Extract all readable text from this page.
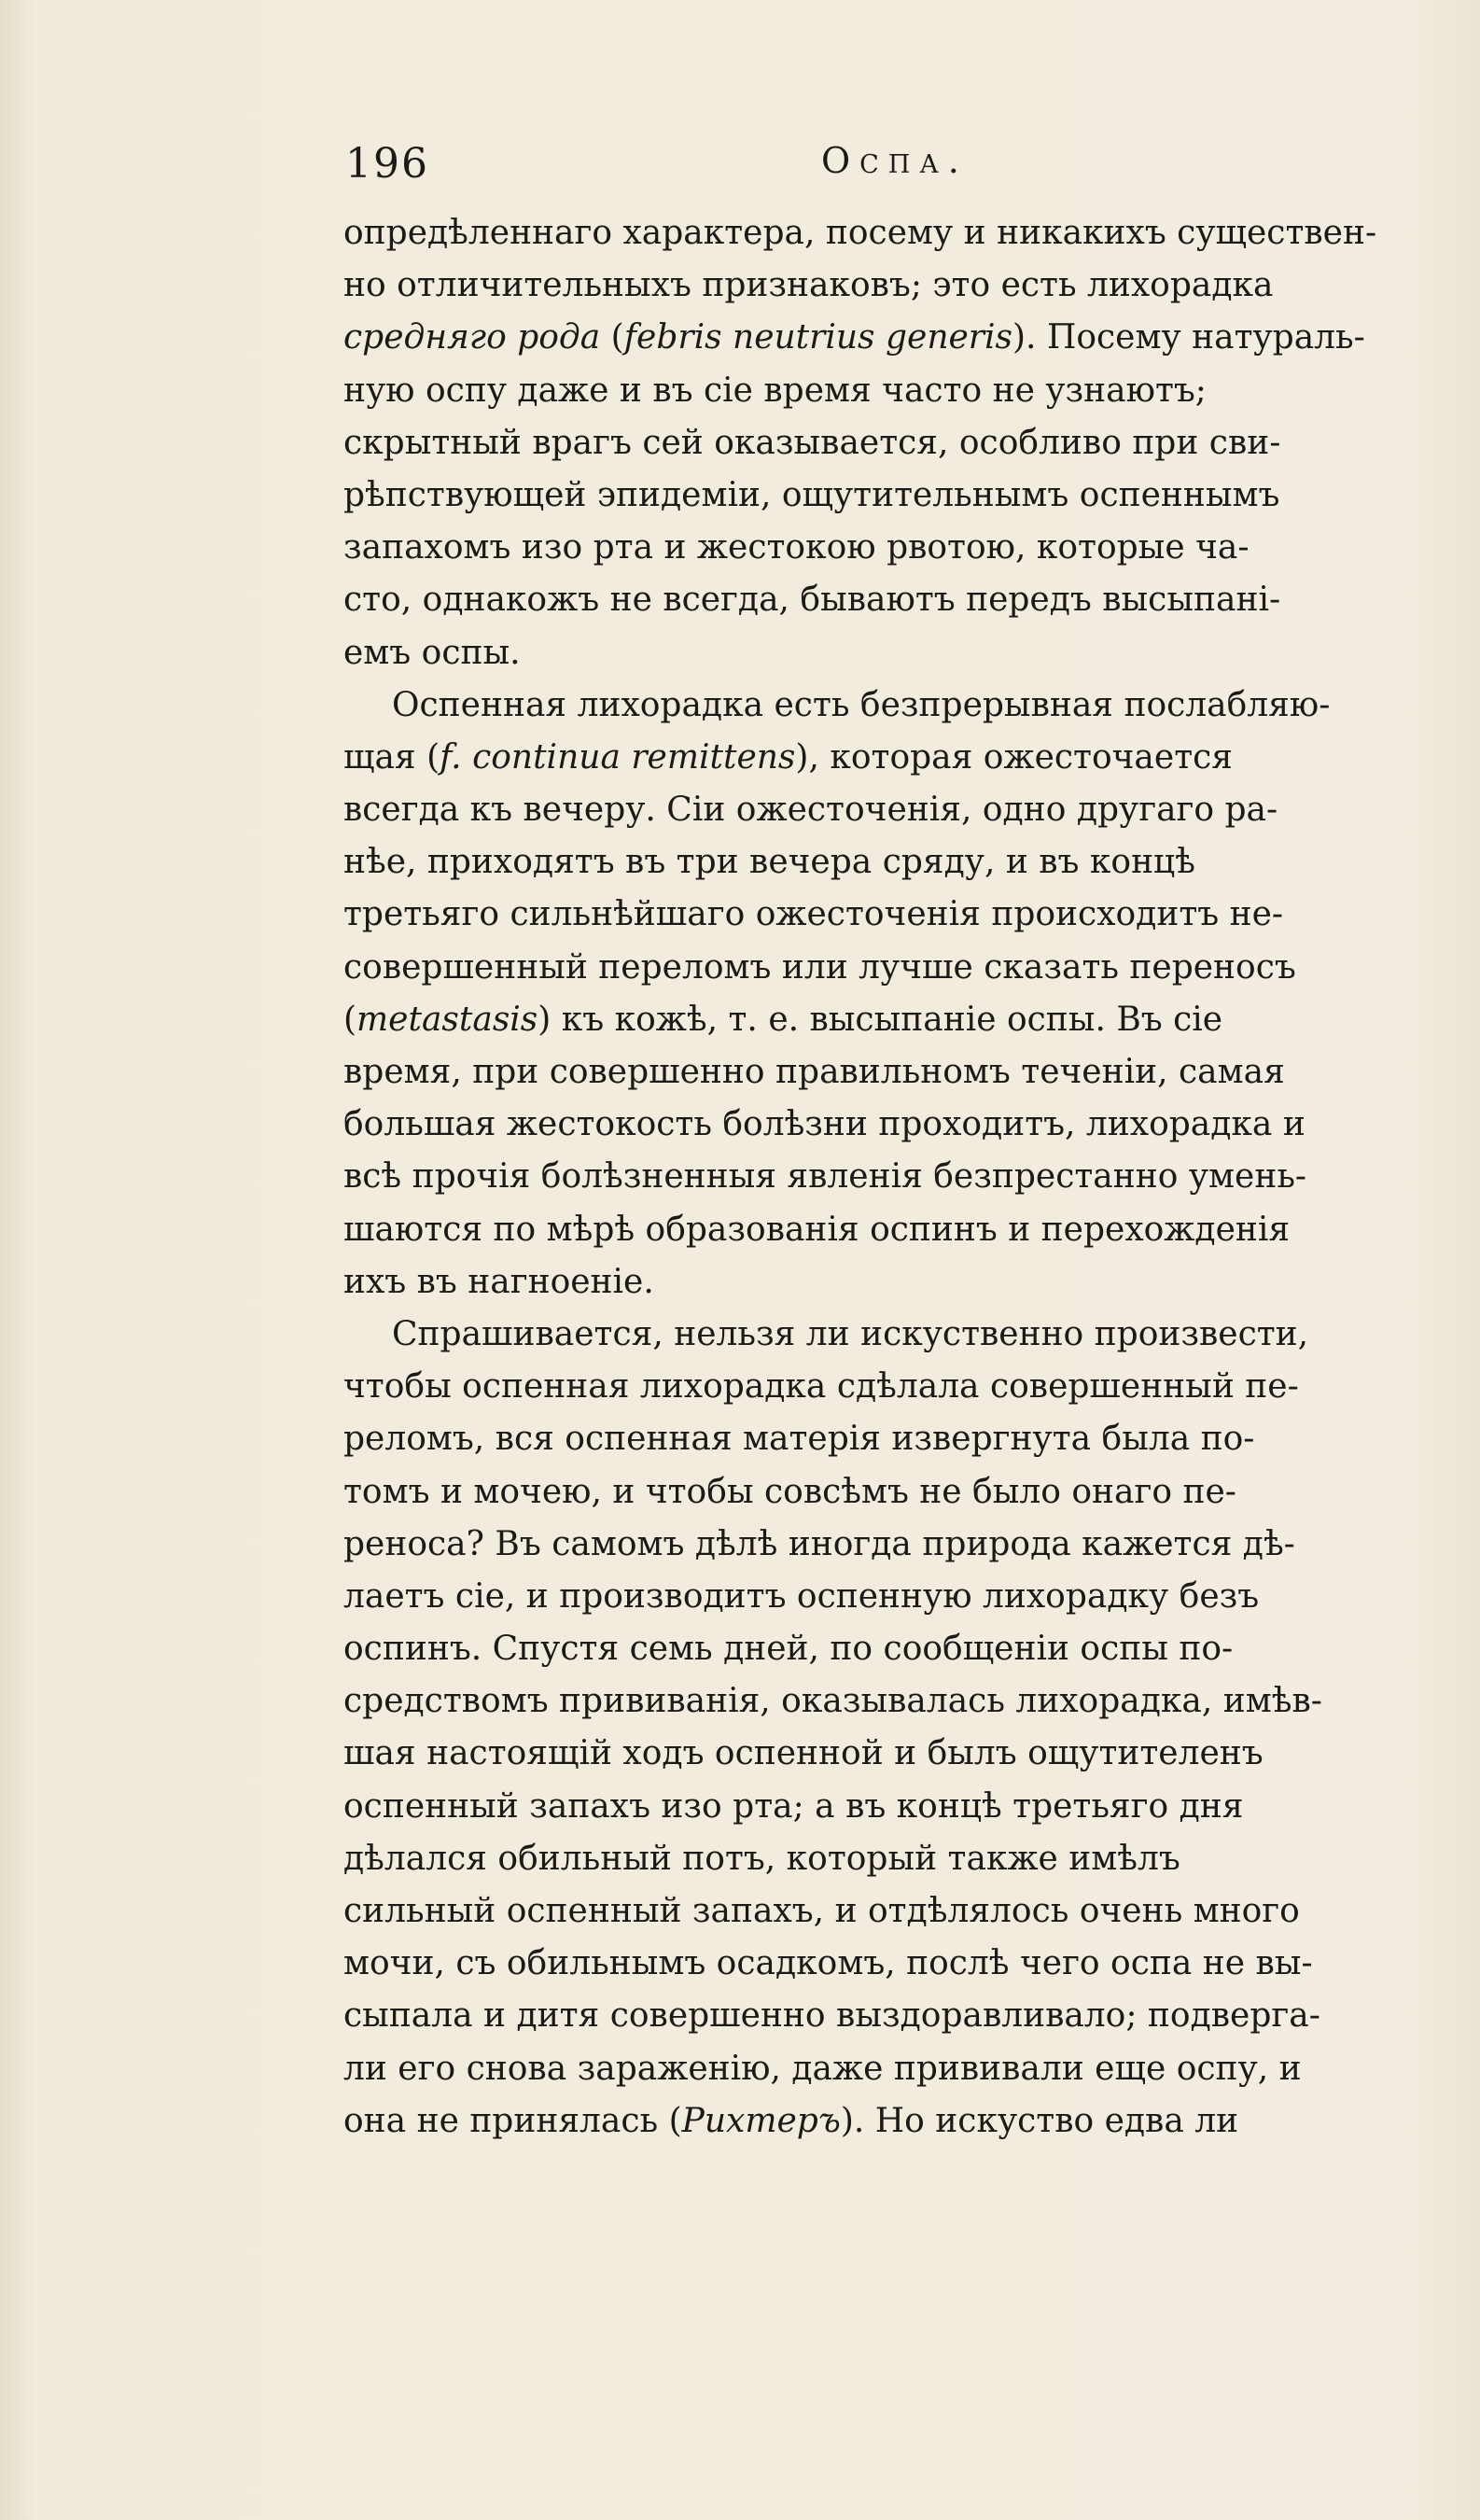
196	Оспа.
опредѣленнаго характера, посему и никакихъ существен-
но отличительныхъ признаковъ; это есть лихорадка
средняго рода (febris neutrius generis). Посему натураль-
ную оспу даже и въ сіе время часто не узнаютъ;
скрытный врагъ сей оказывается, особливо при сви-
рѣпствующей эпидеміи, ощутительнымъ оспеннымъ
запахомъ изо рта и жестокою рвотою, которые ча-
сто, однакожъ не всегда, бываютъ передъ высыпані-
емъ оспы.
Оспенная лихорадка есть безпрерывная послабляю-
щая (f. continua remittens), которая ожесточается
всегда къ вечеру. Сіи ожесточенія, одно другаго ра-
нѣе, приходятъ въ три вечера сряду, и въ концѣ
третьяго сильнѣйшаго ожесточенія происходитъ не-
совершенный переломъ или лучше сказать переносъ
(metastasis) къ кожѣ, т. е. высыпаніе оспы. Въ сіе
время, при совершенно правильномъ теченіи, самая
большая жестокость болѣзни проходитъ, лихорадка и
всѣ прочія болѣзненныя явленія безпрестанно умень-
шаются по мѣрѣ образованія оспинъ и перехожденія
ихъ въ нагноеніе.
Спрашивается, нельзя ли искуственно произвести,
чтобы оспенная лихорадка сдѣлала совершенный пе-
реломъ, вся оспенная матерія извергнута была по-
томъ и мочею, и чтобы совсѣмъ не было онаго пе-
реноса? Въ самомъ дѣлѣ иногда природа кажется дѣ-
лаетъ сіе, и производитъ оспенную лихорадку безъ
оспинъ. Спустя семь дней, по сообщеніи оспы по-
средствомъ прививанія, оказывалась лихорадка, имѣв-
шая настоящій ходъ оспенной и былъ ощутителенъ
оспенный запахъ изо рта; а въ концѣ третьяго дня
дѣлался обильный потъ, который также имѣлъ
сильный оспенный запахъ, и отдѣлялось очень много
мочи, съ обильнымъ осадкомъ, послѣ чего оспа не вы-
сыпала и дитя совершенно выздоравливало; подверга-
ли его снова зараженію, даже прививали еще оспу, и
она не принялась (Рихтеръ). Но искуство едва ли
